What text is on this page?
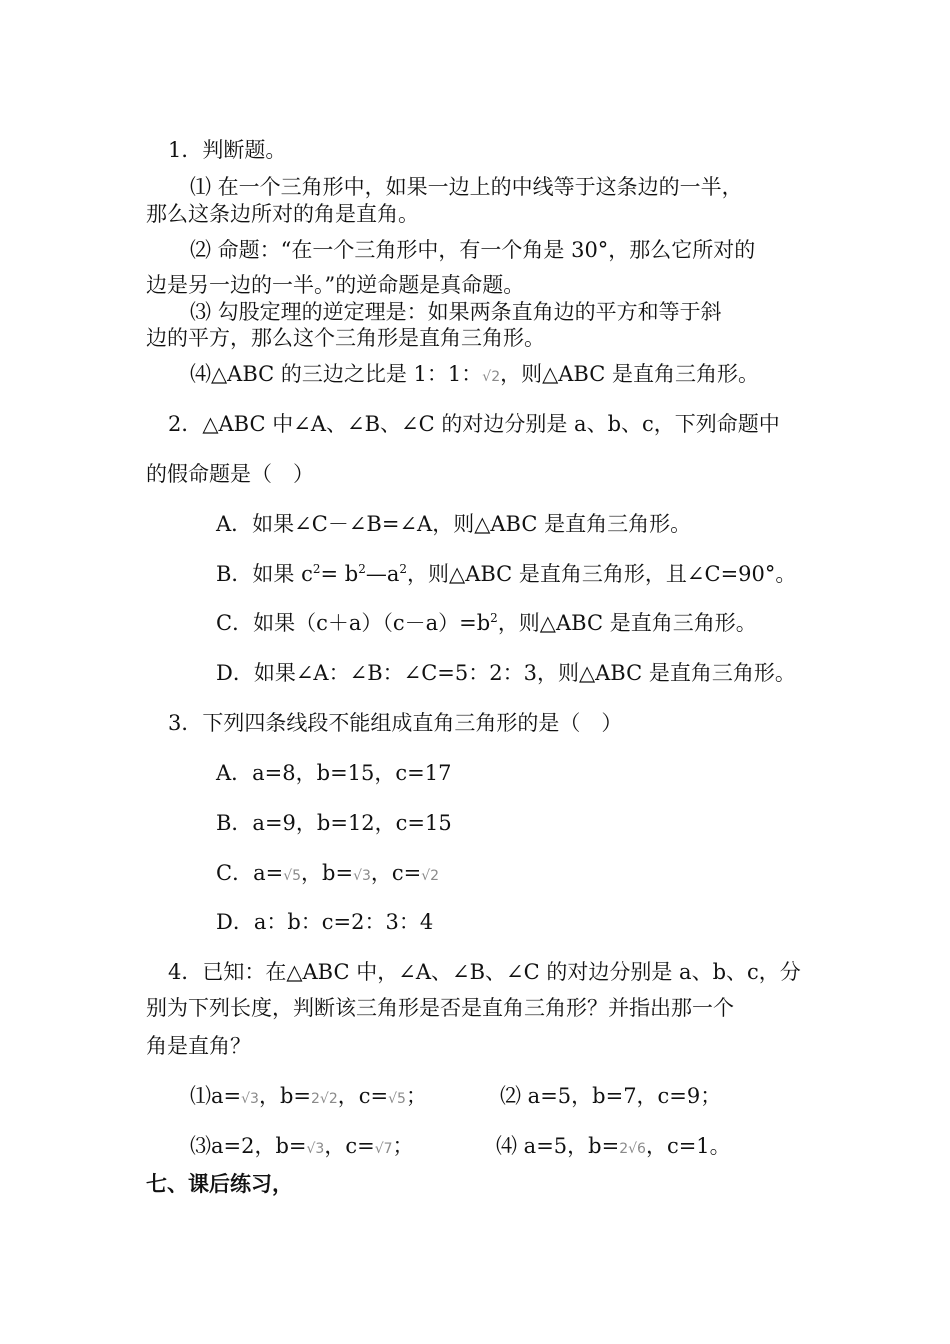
1．判断题。
⑴ 在一个三角形中，如果一边上的中线等于这条边的一半，
那么这条边所对的角是直角。
⑵ 命题：“在一个三角形中，有一个角是 30°，那么它所对的
边是另一边的一半。”的逆命题是真命题。
⑶ 勾股定理的逆定理是：如果两条直角边的平方和等于斜
边的平方，那么这个三角形是直角三角形。
⑷△ABC 的三边之比是 1：1：√2，则△ABC 是直角三角形。
2．△ABC 中∠A、∠B、∠C 的对边分别是 a、b、c，下列命题中
的假命题是（　）
A．如果∠C－∠B=∠A，则△ABC 是直角三角形。
B．如果 $c^2=$ $b^2—a^2$，则△ABC 是直角三角形，且∠C=90°。
C．如果$(c+a)(c-a)=b^2$，则△ABC 是直角三角形。
D．如果∠A：∠B：∠C=5：2：3，则△ABC 是直角三角形。
3．下列四条线段不能组成直角三角形的是（　）
A．a=8，b=15，c=17
B．a=9，b=12，c=15
C．a=√5，b=√3，c=√2
D．a：b：c=2：3：4
4．已知：在△ABC 中，∠A、∠B、∠C 的对边分别是 a、b、c，分
别为下列长度，判断该三角形是否是直角三角形？并指出那一个
角是直角？
⑴a=√3，b=2√2，c=√5；	⑵ a=5，b=7，c=9；
⑶a=2，b=√3，c=√7；	⑷ a=5，b=2√6，c=1。
七、课后练习，
